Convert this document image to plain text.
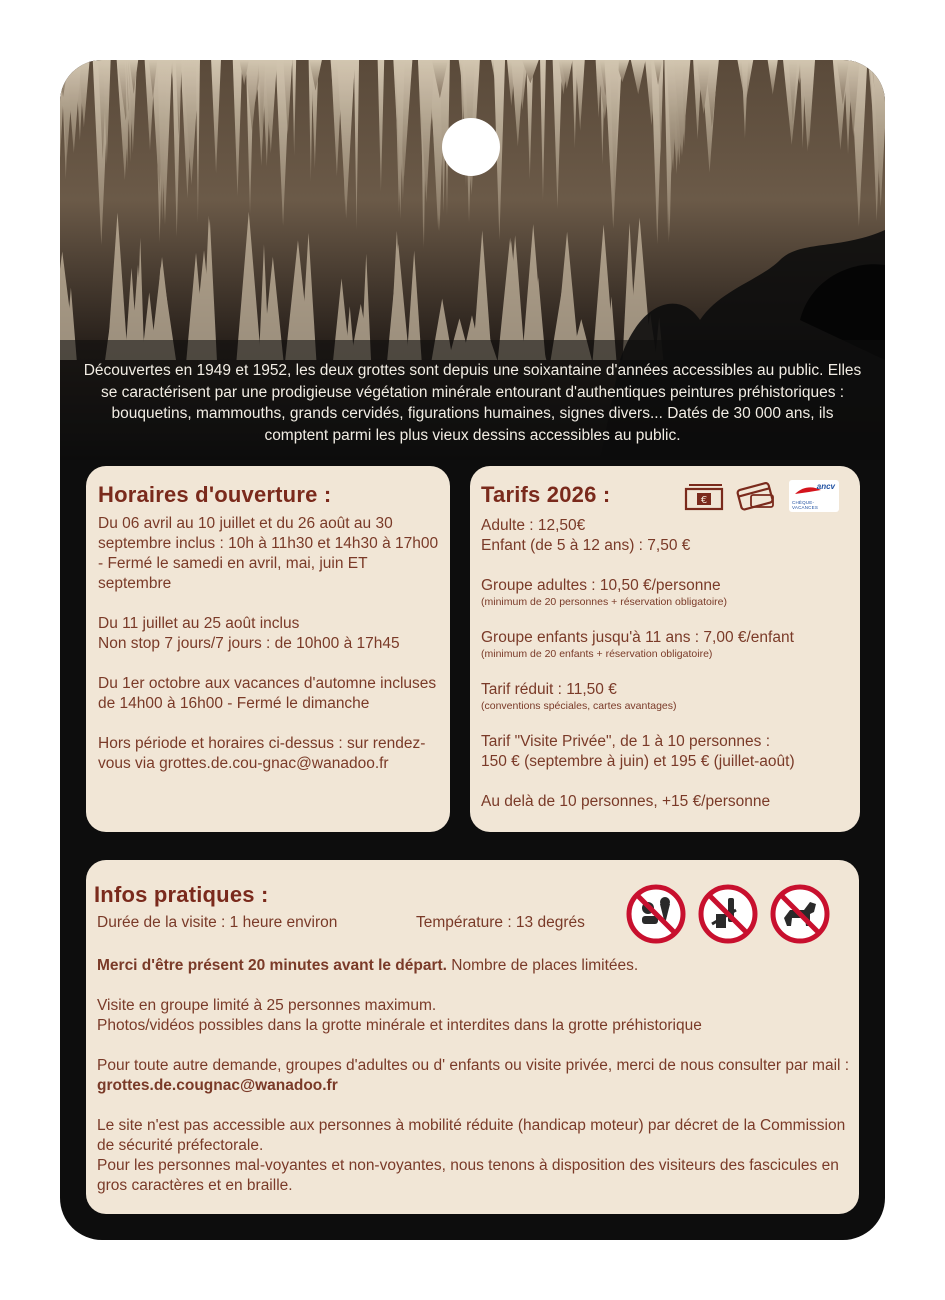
Découvertes en 1949 et 1952, les deux grottes sont depuis une soixantaine d'années accessibles au public. Elles se caractérisent par une prodigieuse végétation minérale entourant d'authentiques peintures préhistoriques : bouquetins, mammouths, grands cervidés, figurations humaines, signes divers... Datés de 30 000 ans, ils comptent parmi les plus vieux dessins accessibles au public.
Horaires d'ouverture :

Du 06 avril au 10 juillet et du 26 août au 30 septembre inclus : 10h à 11h30 et 14h30 à 17h00 - Fermé le samedi en avril, mai, juin ET septembre

Du 11 juillet au 25 août inclus

Non stop 7 jours/7 jours : de 10h00 à 17h45

Du 1er octobre aux vacances d'automne incluses

de 14h00 à 16h00 - Fermé le dimanche

Hors période et horaires ci-dessus : sur rendez-vous via grottes.de.cou-gnac@wanadoo.fr

Tarifs 2026 :	€
ancv
CHÈQUE-VACANCES

Adulte : 12,50€

Enfant (de 5 à 12 ans) : 7,50 €

Groupe adultes : 10,50 €/personne

(minimum de 20 personnes + réservation obligatoire)

Groupe enfants jusqu'à 11 ans : 7,00 €/enfant

(minimum de 20 enfants + réservation obligatoire)

Tarif réduit : 11,50 €

(conventions spéciales, cartes avantages)

Tarif "Visite Privée", de 1 à 10 personnes :

150 € (septembre à juin) et 195 € (juillet-août)

Au delà de 10 personnes, +15 €/personne

Infos pratiques :
Durée de la visite : 1 heure environ	Température : 13 degrés

Merci d'être présent 20 minutes avant le départ. Nombre de places limitées.

Visite en groupe limité à 25 personnes maximum.

Photos/vidéos possibles dans la grotte minérale et interdites dans la grotte préhistorique

Pour toute autre demande, groupes d'adultes ou d' enfants ou visite privée, merci de nous consulter par mail : grottes.de.cougnac@wanadoo.fr

Le site n'est pas accessible aux personnes à mobilité réduite (handicap moteur) par décret de la Commission de sécurité préfectorale.

Pour les personnes mal-voyantes et non-voyantes, nous tenons à disposition des visiteurs des fascicules en gros caractères et en braille.
